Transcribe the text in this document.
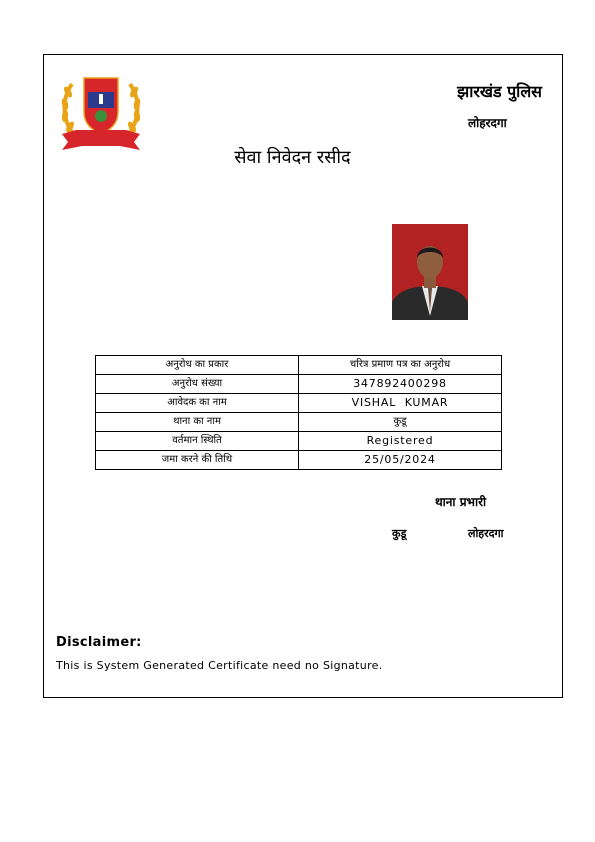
झारखंड पुलिस
लोहरदगा
सेवा निवेदन रसीद
अनुरोध का प्रकार	चरित्र प्रमाण पत्र का अनुरोध
अनुरोध संख्या	347892400298
आवेदक का नाम	VISHAL  KUMAR
थाना का नाम	कुडू
वर्तमान स्थिति	Registered
जमा करने की तिथि	25/05/2024
थाना प्रभारी
कुडू	लोहरदगा
Disclaimer:
This is System Generated Certificate need no Signature.
